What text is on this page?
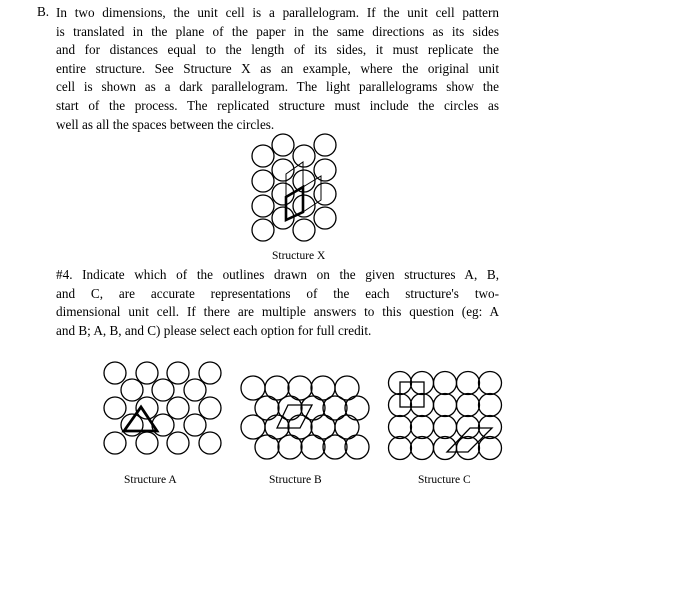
B. In two dimensions, the unit cell is a parallelogram. If the unit cell pattern
is translated in the plane of the paper in the same directions as its sides
and for distances equal to the length of its sides, it must replicate the
entire structure. See Structure X as an example, where the original unit
cell is shown as a dark parallelogram. The light parallelograms show the
start of the process. The replicated structure must include the circles as
well as all the spaces between the circles.
Structure X
#4. Indicate which of the outlines drawn on the given structures A, B,
and C, are accurate representations of the each structure's two-
dimensional unit cell. If there are multiple answers to this question (eg: A
and B; A, B, and C) please select each option for full credit.
Structure A	Structure B	Structure C
